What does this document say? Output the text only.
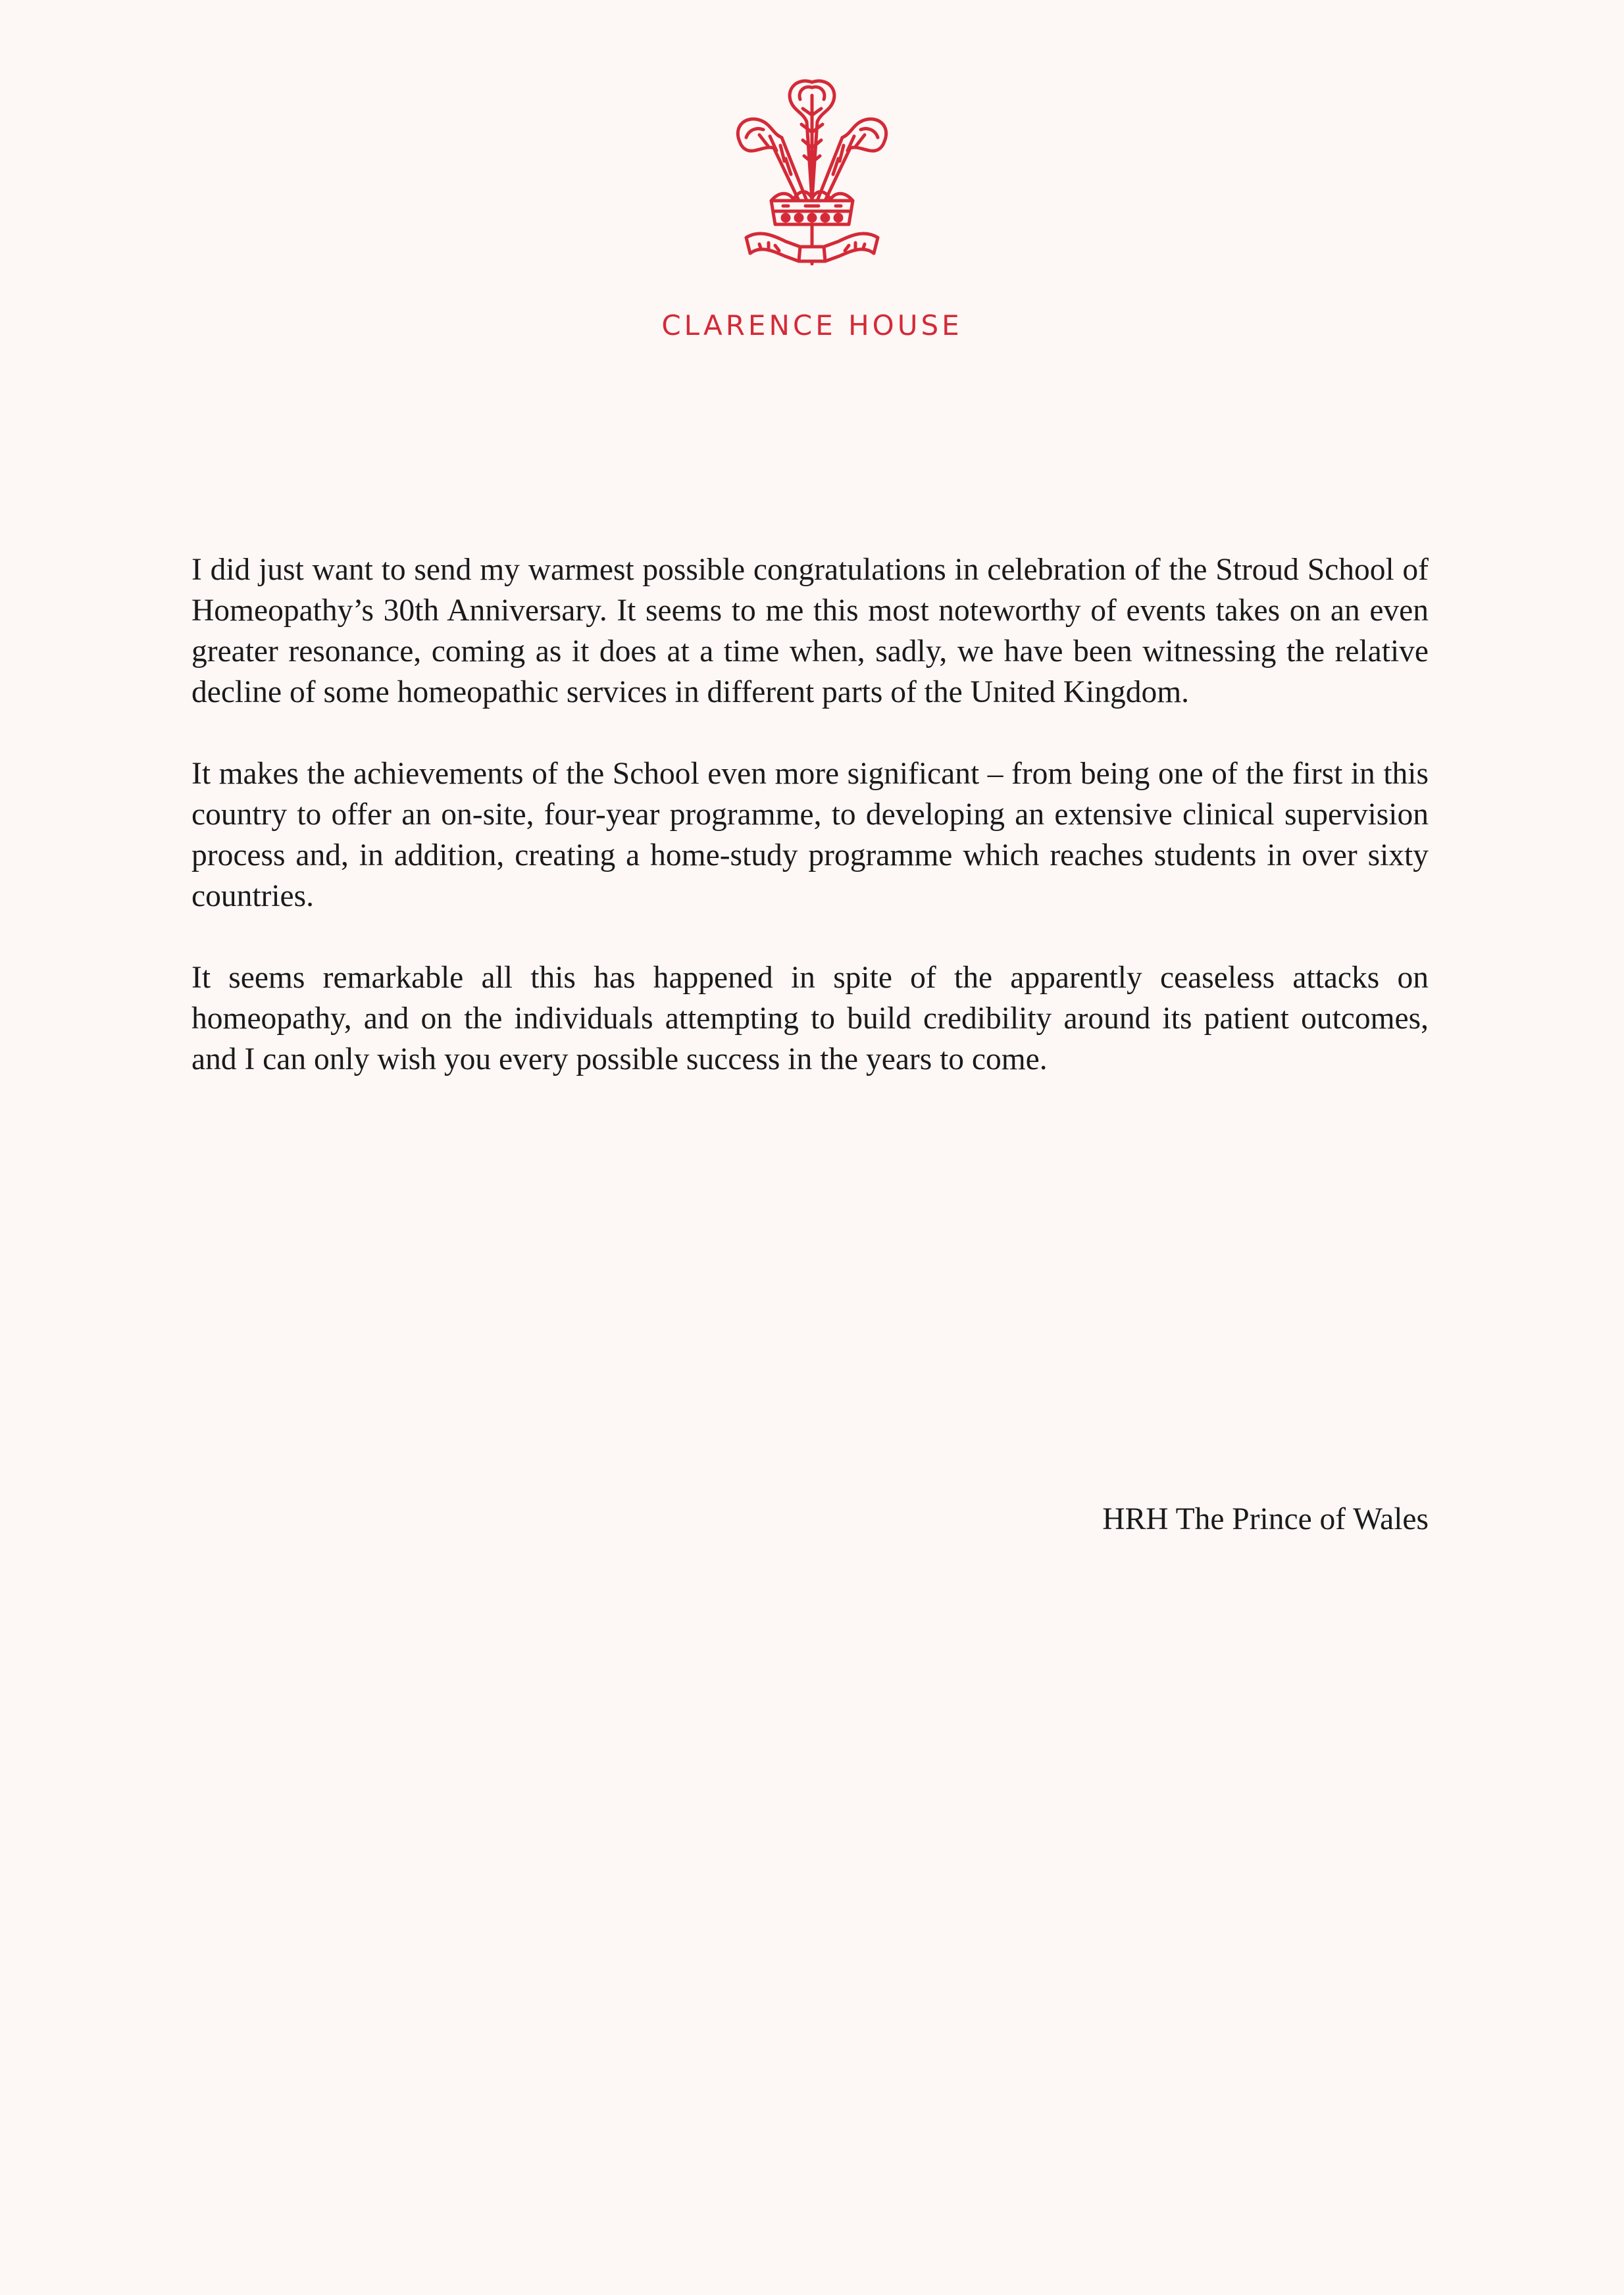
CLARENCE HOUSE

I did just want to send my warmest possible congratulations in celebration of the Stroud School of Homeopathy’s 30th Anniversary. It seems to me this most noteworthy of events takes on an even greater resonance, coming as it does at a time when, sadly, we have been witnessing the relative decline of some homeopathic services in different parts of the United Kingdom.

It makes the achievements of the School even more significant – from being one of the first in this country to offer an on-site, four-year programme, to developing an extensive clinical supervision process and, in addition, creating a home-study programme which reaches students in over sixty countries.

It seems remarkable all this has happened in spite of the apparently ceaseless attacks on homeopathy, and on the individuals attempting to build credibility around its patient outcomes, and I can only wish you every possible success in the years to come.

HRH The Prince of Wales
